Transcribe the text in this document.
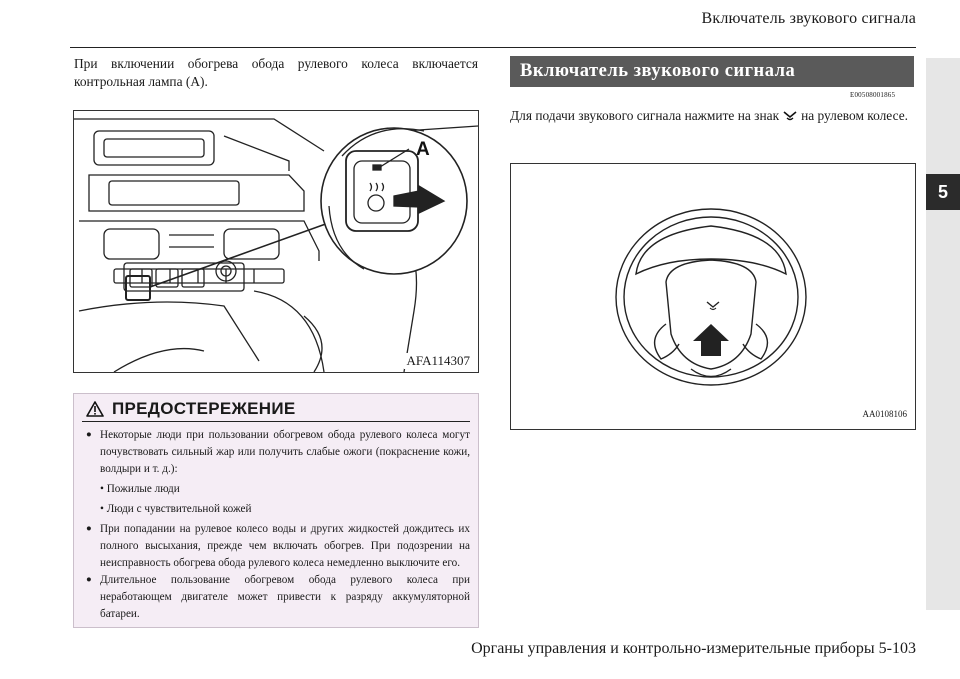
Включатель звукового сигнала
5
При включении обогрева обода рулевого колеса включается контрольная лампа (A).
A
AFA114307
ПРЕДОСТЕРЕЖЕНИЕ
● Некоторые люди при пользовании обогревом обода рулевого колеса могут почувствовать сильный жар или получить слабые ожоги (покраснение кожи, волдыри и т. д.):
• Пожилые люди
• Люди с чувствительной кожей
● При попадании на рулевое колесо воды и других жидкостей дождитесь их полного высыхания, прежде чем включать обогрев. При подозрении на неисправность обогрева обода рулевого колеса немедленно выключите его.
● Длительное пользование обогревом обода рулевого колеса при неработающем двигателе может привести к разряду аккумуляторной батареи.
Включатель звукового сигнала
E00508001865
Для подачи звукового сигнала нажмите на знак на рулевом колесе.
AA0108106
Органы управления и контрольно-измерительные приборы 5-103
